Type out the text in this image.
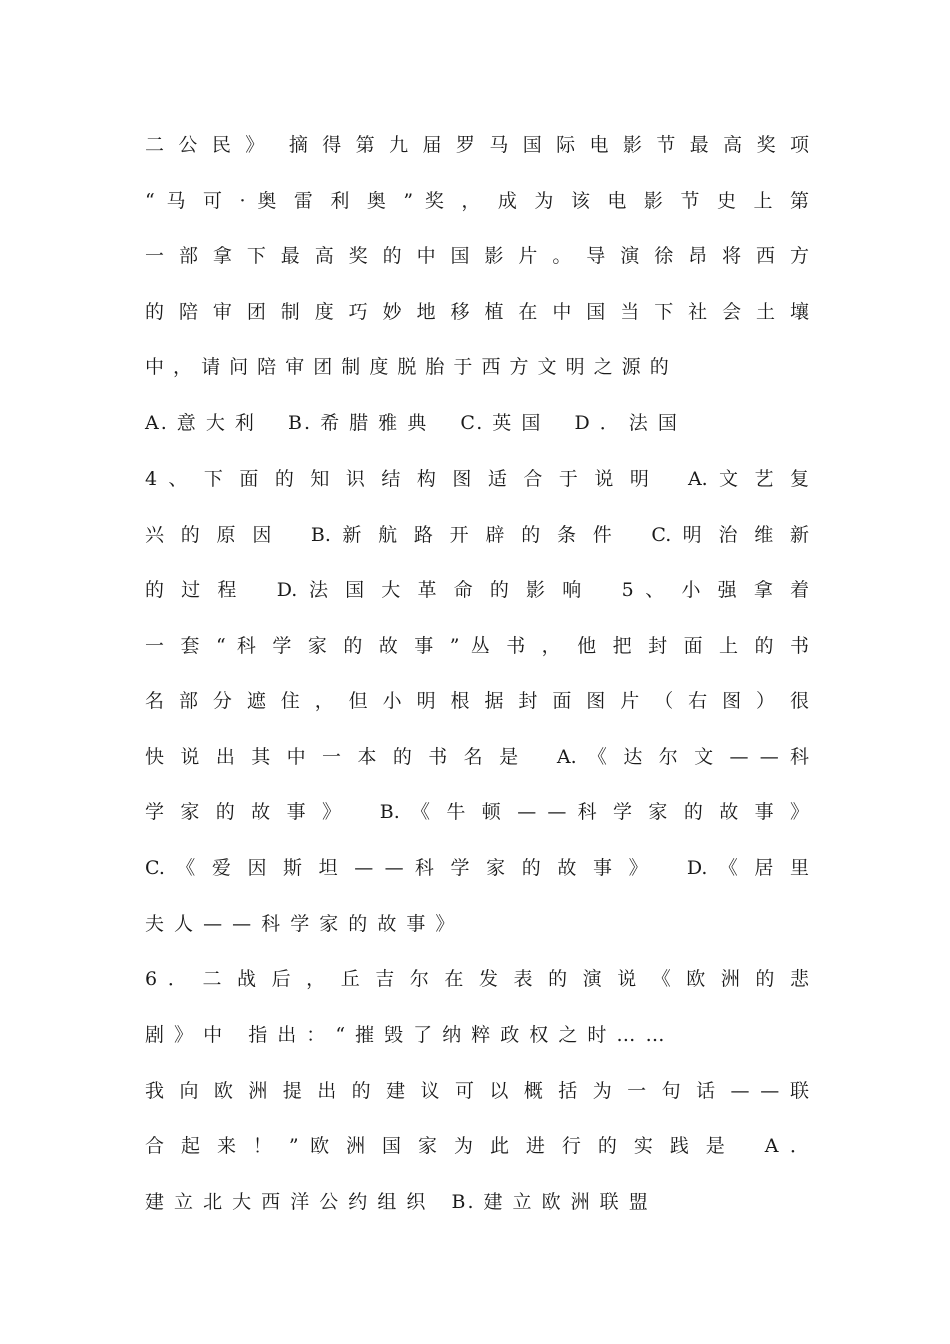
二 公 民 》  摘 得 第 九 届 罗 马 国 际 电 影 节 最 高 奖 项
“ 马 可 · 奥 雷 利 奥 ” 奖 ， 成 为 该 电 影 节 史 上 第
一 部 拿 下 最 高 奖 的 中 国 影 片 。 导 演 徐 昂 将 西 方
的 陪 审 团 制 度 巧 妙 地 移 植 在 中 国 当 下 社 会 土 壤
中 ， 请 问 陪 审 团 制 度 脱 胎 于 西 方 文 明 之 源 的
A. 意 大 利    B. 希 腊 雅 典    C. 英 国    D ． 法 国
4 、 下 面 的 知 识 结 构 图 适 合 于 说 明   A. 文 艺 复
兴 的 原 因   B. 新 航 路 开 辟 的 条 件   C. 明 治 维 新
的 过 程   D. 法 国 大 革 命 的 影 响   5 、 小 强 拿 着
一 套 “ 科 学 家 的 故 事 ” 丛 书 ， 他 把 封 面 上 的 书
名 部 分 遮 住 ， 但 小 明 根 据 封 面 图 片 （ 右 图 ） 很
快 说 出 其 中 一 本 的 书 名 是   A. 《 达 尔 文 — — 科
学 家 的 故 事 》   B. 《 牛 顿 — — 科 学 家 的 故 事 》
C. 《 爱 因 斯 坦 — — 科 学 家 的 故 事 》   D. 《 居 里
夫 人 — — 科 学 家 的 故 事 》
6 ． 二 战 后 ， 丘 吉 尔 在 发 表 的 演 说 《 欧 洲 的 悲
剧 》 中   指 出 ： “ 摧 毁 了 纳 粹 政 权 之 时 … …
我 向 欧 洲 提 出 的 建 议 可 以 概 括 为 一 句 话 — — 联
合 起 来 ！ ” 欧 洲 国 家 为 此 进 行 的 实 践 是   A ．
建 立 北 大 西 洋 公 约 组 织   B. 建 立 欧 洲 联 盟
